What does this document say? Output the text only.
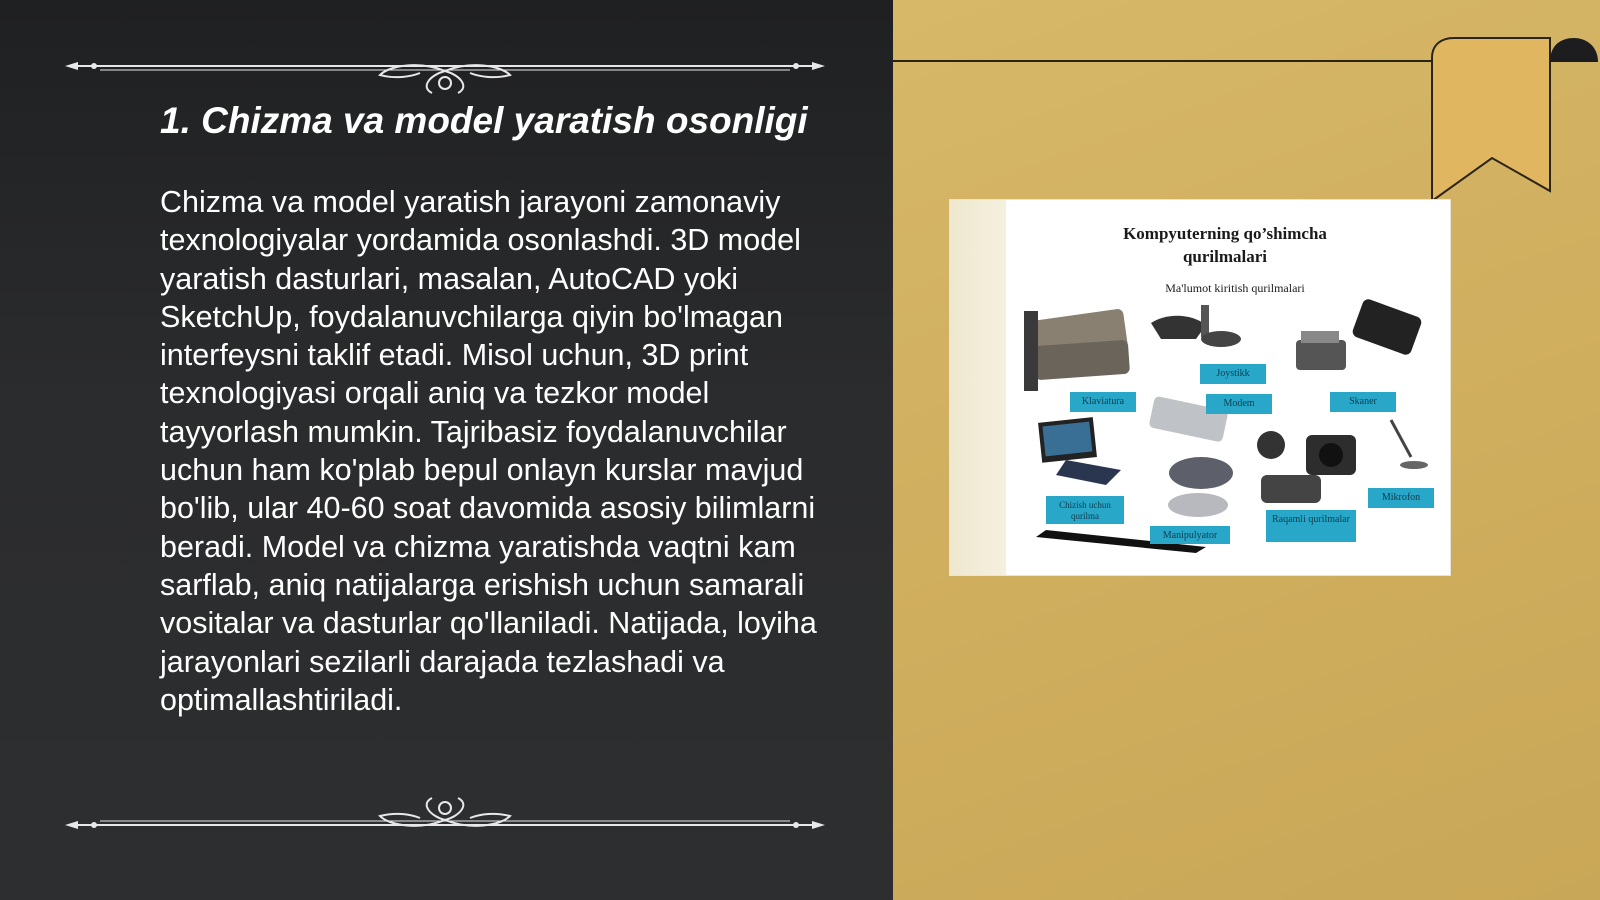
1. Chizma va model yaratish osonligi

Chizma va model yaratish jarayoni zamonaviy texnologiyalar yordamida osonlashdi. 3D model yaratish dasturlari, masalan, AutoCAD yoki SketchUp, foydalanuvchilarga qiyin bo'lmagan interfeysni taklif etadi. Misol uchun, 3D print texnologiyasi orqali aniq va tezkor model tayyorlash mumkin. Tajribasiz foydalanuvchilar uchun ham ko'plab bepul onlayn kurslar mavjud bo'lib, ular 40-60 soat davomida asosiy bilimlarni beradi. Model va chizma yaratishda vaqtni kam sarflab, aniq natijalarga erishish uchun samarali vositalar va dasturlar qo'llaniladi. Natijada, loyiha jarayonlari sezilarli darajada tezlashadi va optimallashtiriladi.

Kompyuterning qo’shimcha
qurilmalari
Ma'lumot kiritish qurilmalari
Klaviatura
Joystikk
Modem	Skaner
Chizish uchun qurilma
Manipulyator
Raqamli qurilmalar
Mikrofon
